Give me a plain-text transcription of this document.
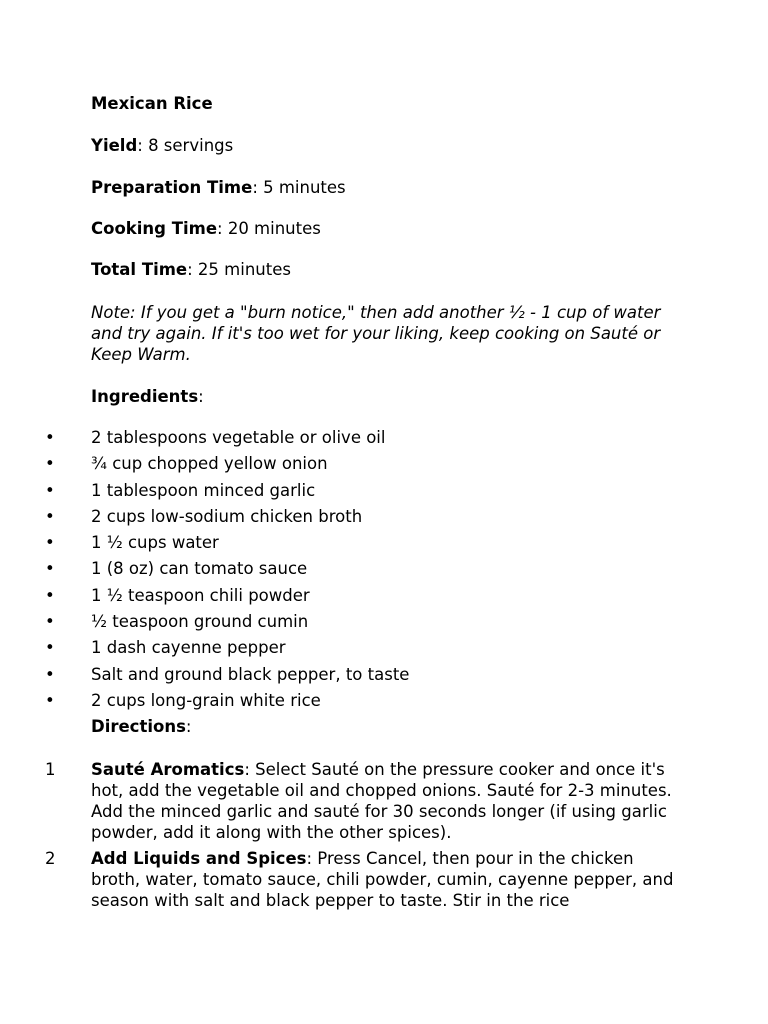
Mexican Rice

Yield: 8 servings

Preparation Time: 5 minutes

Cooking Time: 20 minutes

Total Time: 25 minutes

Note: If you get a "burn notice," then add another ½ - 1 cup of water and try again. If it's too wet for your liking, keep cooking on Sauté or Keep Warm.

Ingredients:

• 2 tablespoons vegetable or olive oil
• ¾ cup chopped yellow onion
• 1 tablespoon minced garlic
• 2 cups low-sodium chicken broth
• 1 ½ cups water
• 1 (8 oz) can tomato sauce
• 1 ½ teaspoon chili powder
• ½ teaspoon ground cumin
• 1 dash cayenne pepper
• Salt and ground black pepper, to taste
• 2 cups long-grain white rice

Directions:

1 Sauté Aromatics: Select Sauté on the pressure cooker and once it's hot, add the vegetable oil and chopped onions. Sauté for 2-3 minutes. Add the minced garlic and sauté for 30 seconds longer (if using garlic powder, add it along with the other spices).
2 Add Liquids and Spices: Press Cancel, then pour in the chicken broth, water, tomato sauce, chili powder, cumin, cayenne pepper, and season with salt and black pepper to taste. Stir in the rice
